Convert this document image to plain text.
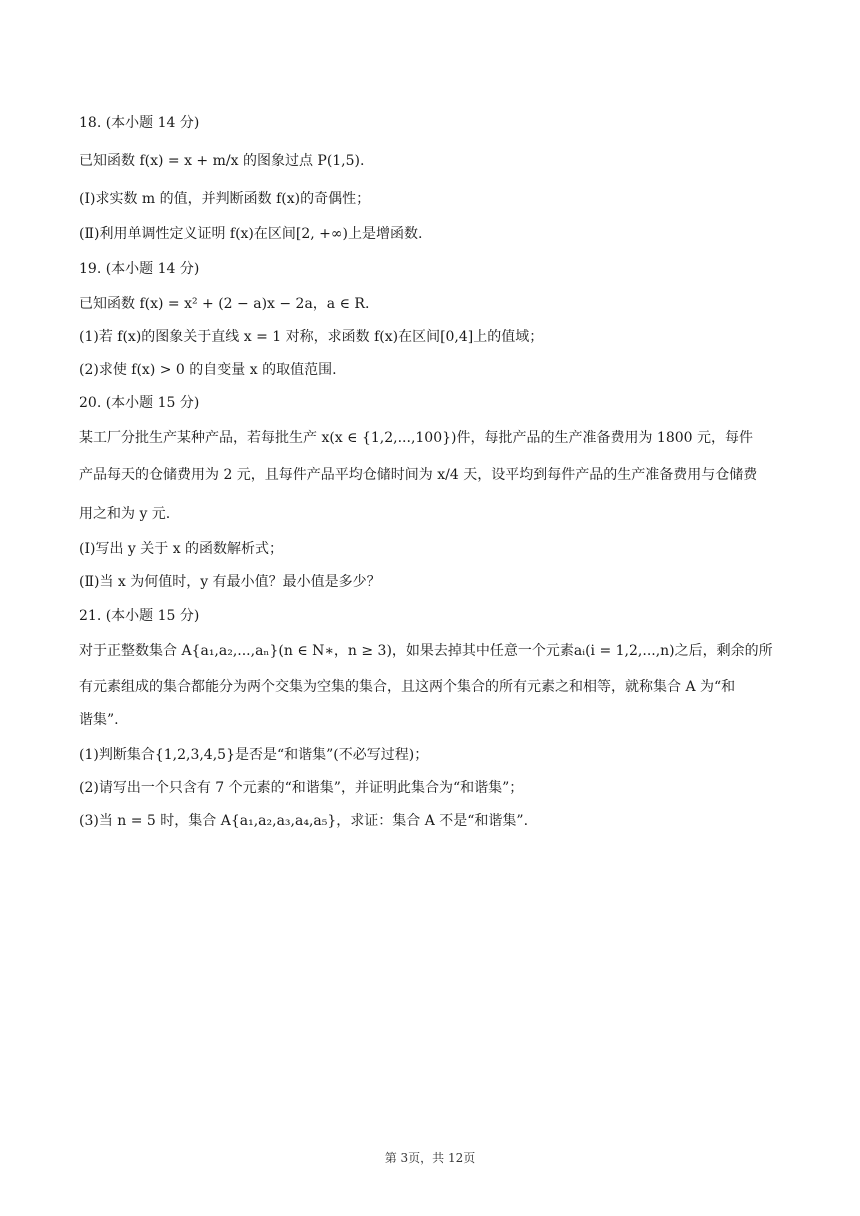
18. (本小题 14 分)
已知函数 f(x) = x + m/x 的图象过点 P(1,5).
(Ⅰ)求实数 m 的值，并判断函数 f(x)的奇偶性；
(Ⅱ)利用单调性定义证明 f(x)在区间[2, +∞)上是增函数.
19. (本小题 14 分)
已知函数 f(x) = x² + (2 − a)x − 2a，a ∈ R.
(1)若 f(x)的图象关于直线 x = 1 对称，求函数 f(x)在区间[0,4]上的值域；
(2)求使 f(x) > 0 的自变量 x 的取值范围.
20. (本小题 15 分)
某工厂分批生产某种产品，若每批生产 x(x ∈ {1,2,...,100})件，每批产品的生产准备费用为 1800 元，每件
产品每天的仓储费用为 2 元，且每件产品平均仓储时间为 x/4 天，设平均到每件产品的生产准备费用与仓储费
用之和为 y 元.
(Ⅰ)写出 y 关于 x 的函数解析式；
(Ⅱ)当 x 为何值时，y 有最小值？最小值是多少？
21. (本小题 15 分)
对于正整数集合 A{a₁,a₂,...,aₙ}(n ∈ N∗，n ≥ 3)，如果去掉其中任意一个元素aᵢ(i = 1,2,...,n)之后，剩余的所
有元素组成的集合都能分为两个交集为空集的集合，且这两个集合的所有元素之和相等，就称集合 A 为“和
谐集”.
(1)判断集合{1,2,3,4,5}是否是“和谐集”(不必写过程)；
(2)请写出一个只含有 7 个元素的“和谐集”，并证明此集合为“和谐集”；
(3)当 n = 5 时，集合 A{a₁,a₂,a₃,a₄,a₅}，求证：集合 A 不是“和谐集”.
第 3页，共 12页
